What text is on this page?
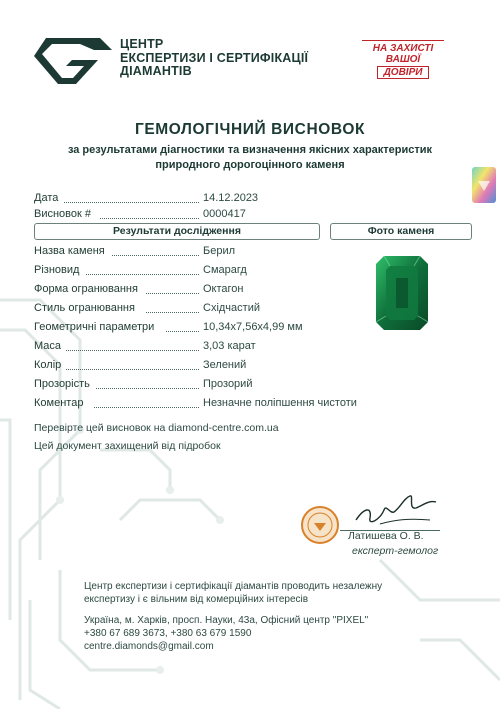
ЦЕНТР
ЕКСПЕРТИЗИ І СЕРТИФІКАЦІЇ
ДІАМАНТІВ
НА ЗАХИСТІ
ВАШОЇ
ДОВІРИ
ГЕМОЛОГІЧНИЙ ВИСНОВОК
за результатами діагностики та визначення якісних характеристик
природного дорогоцінного каменя
Дата	14.12.2023
Висновок #	0000417
Результати дослідження	Фото каменя
Назва каменя	Берил
Різновид	Смарагд
Форма огранювання	Октагон
Стиль огранювання	Східчастий
Геометричні параметри	10,34x7,56x4,99 мм
Маса	3,03 карат
Колір	Зелений
Прозорість	Прозорий
Коментар	Незначне поліпшення чистоти
Перевірте цей висновок на diamond-centre.com.ua
Цей документ захищений від підробок
Латишева О. В.
експерт-гемолог
Центр експертизи і сертифікації діамантів проводить незалежну
експертизу і є вільним від комерційних інтересів
Україна, м. Харків, просп. Науки, 43а, Офісний центр "PIXEL"
+380 67 689 3673, +380 63 679 1590
centre.diamonds@gmail.com
